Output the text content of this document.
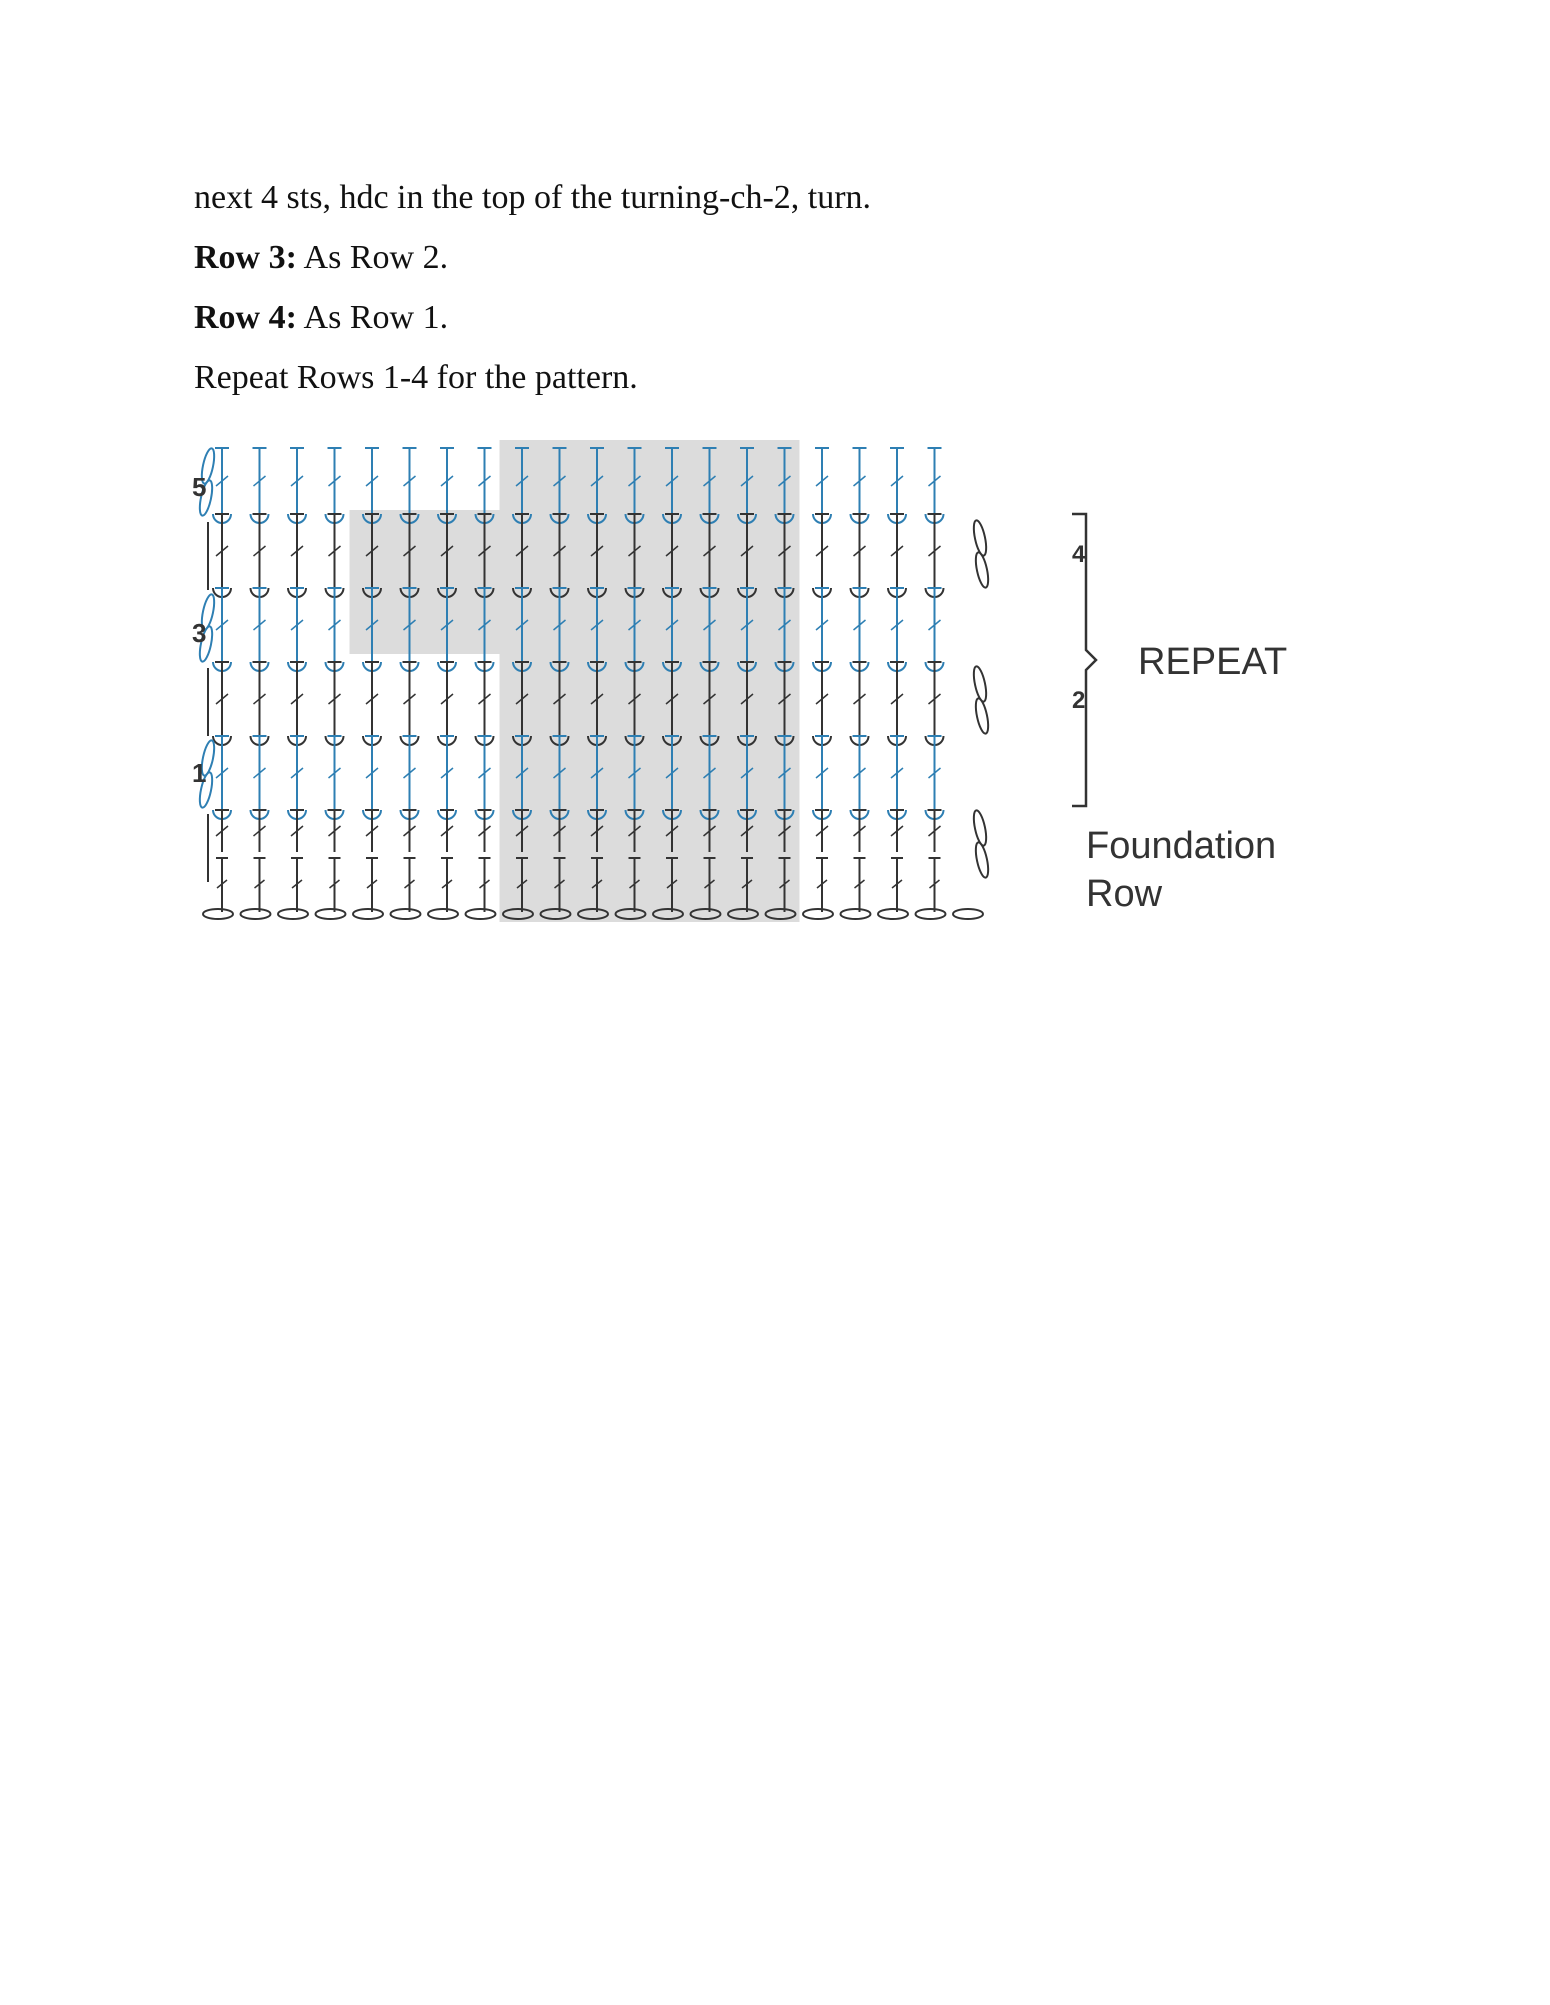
next 4 sts, hdc in the top of the turning-ch-2, turn.

Row 3: As Row 2.

Row 4: As Row 1.

Repeat Rows 1-4 for the pattern.

5
3
1
4
2
REPEAT
Foundation
Row
